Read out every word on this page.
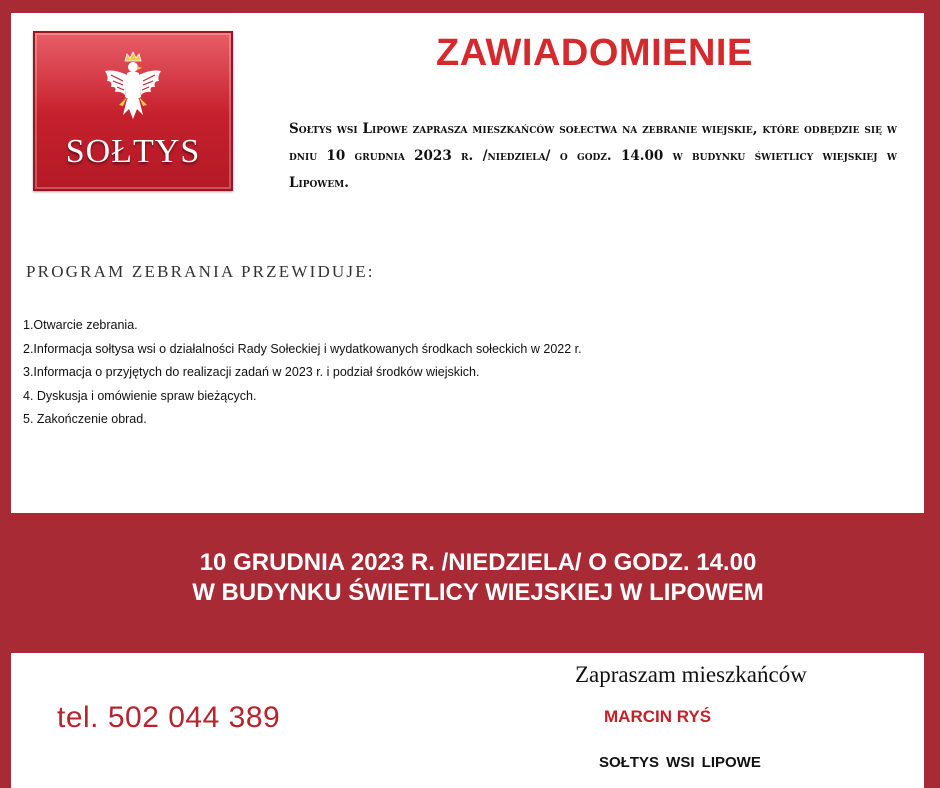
SOŁTYS
ZAWIADOMIENIE
Sołtys wsi Lipowe zaprasza mieszkańców sołectwa na zebranie wiejskie, które odbędzie się w dniu 10 grudnia 2023 r. /niedziela/ o godz. 14.00 w budynku świetlicy wiejskiej w Lipowem.
PROGRAM ZEBRANIA PRZEWIDUJE:
1.Otwarcie zebrania.
2.Informacja sołtysa wsi o działalności Rady Sołeckiej i wydatkowanych środkach sołeckich w 2022 r.
3.Informacja o przyjętych do realizacji zadań w 2023 r. i podział środków wiejskich.
4. Dyskusja i omówienie spraw bieżących.
5. Zakończenie obrad.
10 GRUDNIA 2023 R. /NIEDZIELA/ O GODZ. 14.00
W BUDYNKU ŚWIETLICY WIEJSKIEJ W LIPOWEM
tel. 502 044 389
Zapraszam mieszkańców
MARCIN RYŚ
SOŁTYS WSI LIPOWE
